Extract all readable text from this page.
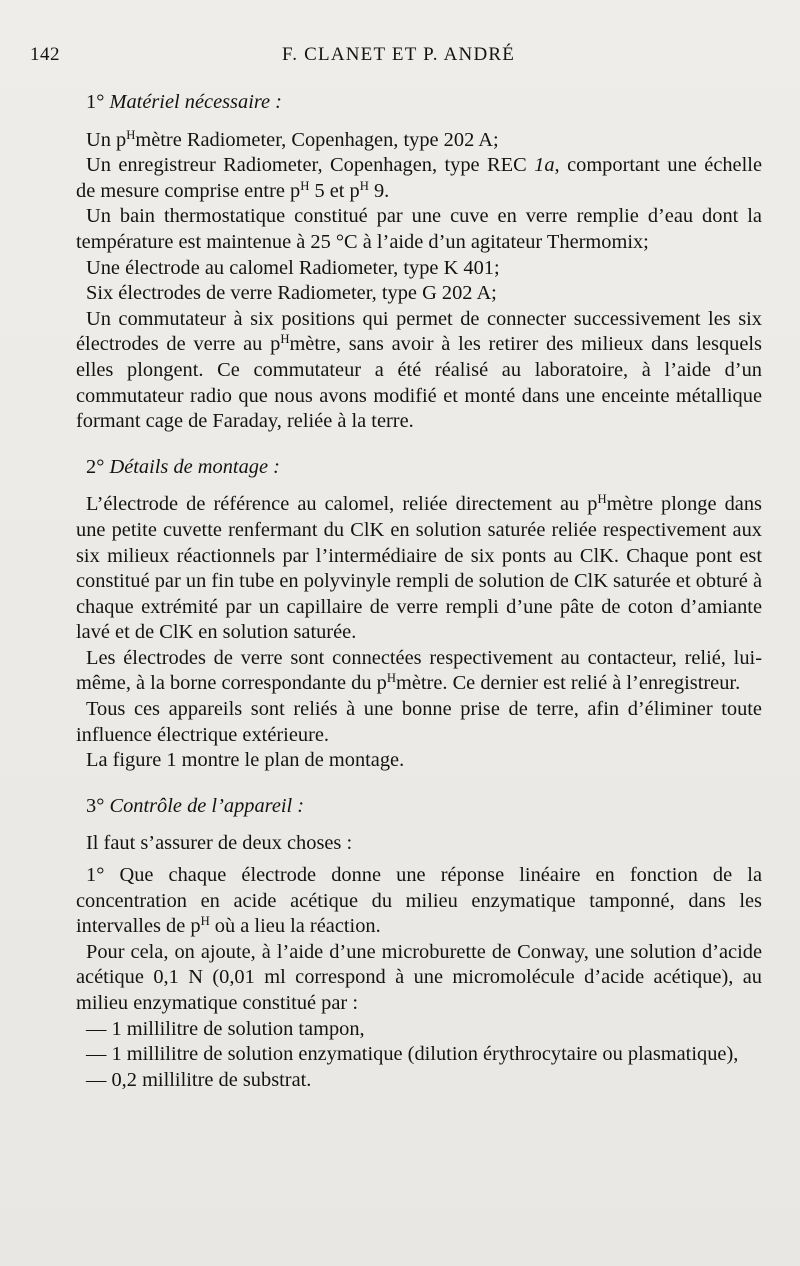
142	F. CLANET ET P. ANDRÉ
1° Matériel nécessaire :

Un $p^Hmètre$ Radiometer, Copenhagen, type 202 A;

Un enregistreur Radiometer, Copenhagen, type REC 1a, comportant une échelle de mesure comprise entre $p^H$ 5 et $p^H$ 9.

Un bain thermostatique constitué par une cuve en verre remplie d’eau dont la température est maintenue à 25 °C à l’aide d’un agitateur Thermomix;

Une électrode au calomel Radiometer, type K 401;

Six électrodes de verre Radiometer, type G 202 A;

Un commutateur à six positions qui permet de connecter successivement les six électrodes de verre au $p^Hmètre$, sans avoir à les retirer des milieux dans lesquels elles plongent. Ce commutateur a été réalisé au laboratoire, à l’aide d’un commutateur radio que nous avons modifié et monté dans une enceinte métallique formant cage de Faraday, reliée à la terre.

2° Détails de montage :

L’électrode de référence au calomel, reliée directement au $p^Hmètre$ plonge dans une petite cuvette renfermant du ClK en solution saturée reliée respectivement aux six milieux réactionnels par l’intermédiaire de six ponts au ClK. Chaque pont est constitué par un fin tube en polyvinyle rempli de solution de ClK saturée et obturé à chaque extrémité par un capillaire de verre rempli d’une pâte de coton d’amiante lavé et de ClK en solution saturée.

Les électrodes de verre sont connectées respectivement au contacteur, relié, lui-même, à la borne correspondante du $p^Hmètre$. Ce dernier est relié à l’enregistreur.

Tous ces appareils sont reliés à une bonne prise de terre, afin d’éliminer toute influence électrique extérieure.

La figure 1 montre le plan de montage.

3° Contrôle de l’appareil :

Il faut s’assurer de deux choses :

1° Que chaque électrode donne une réponse linéaire en fonction de la concentration en acide acétique du milieu enzymatique tamponné, dans les intervalles de $p^H$ où a lieu la réaction.

Pour cela, on ajoute, à l’aide d’une microburette de Conway, une solution d’acide acétique 0,1 N (0,01 ml correspond à une micromolécule d’acide acétique), au milieu enzymatique constitué par :

— 1 millilitre de solution tampon,

— 1 millilitre de solution enzymatique (dilution érythrocytaire ou plasmatique),

— 0,2 millilitre de substrat.
